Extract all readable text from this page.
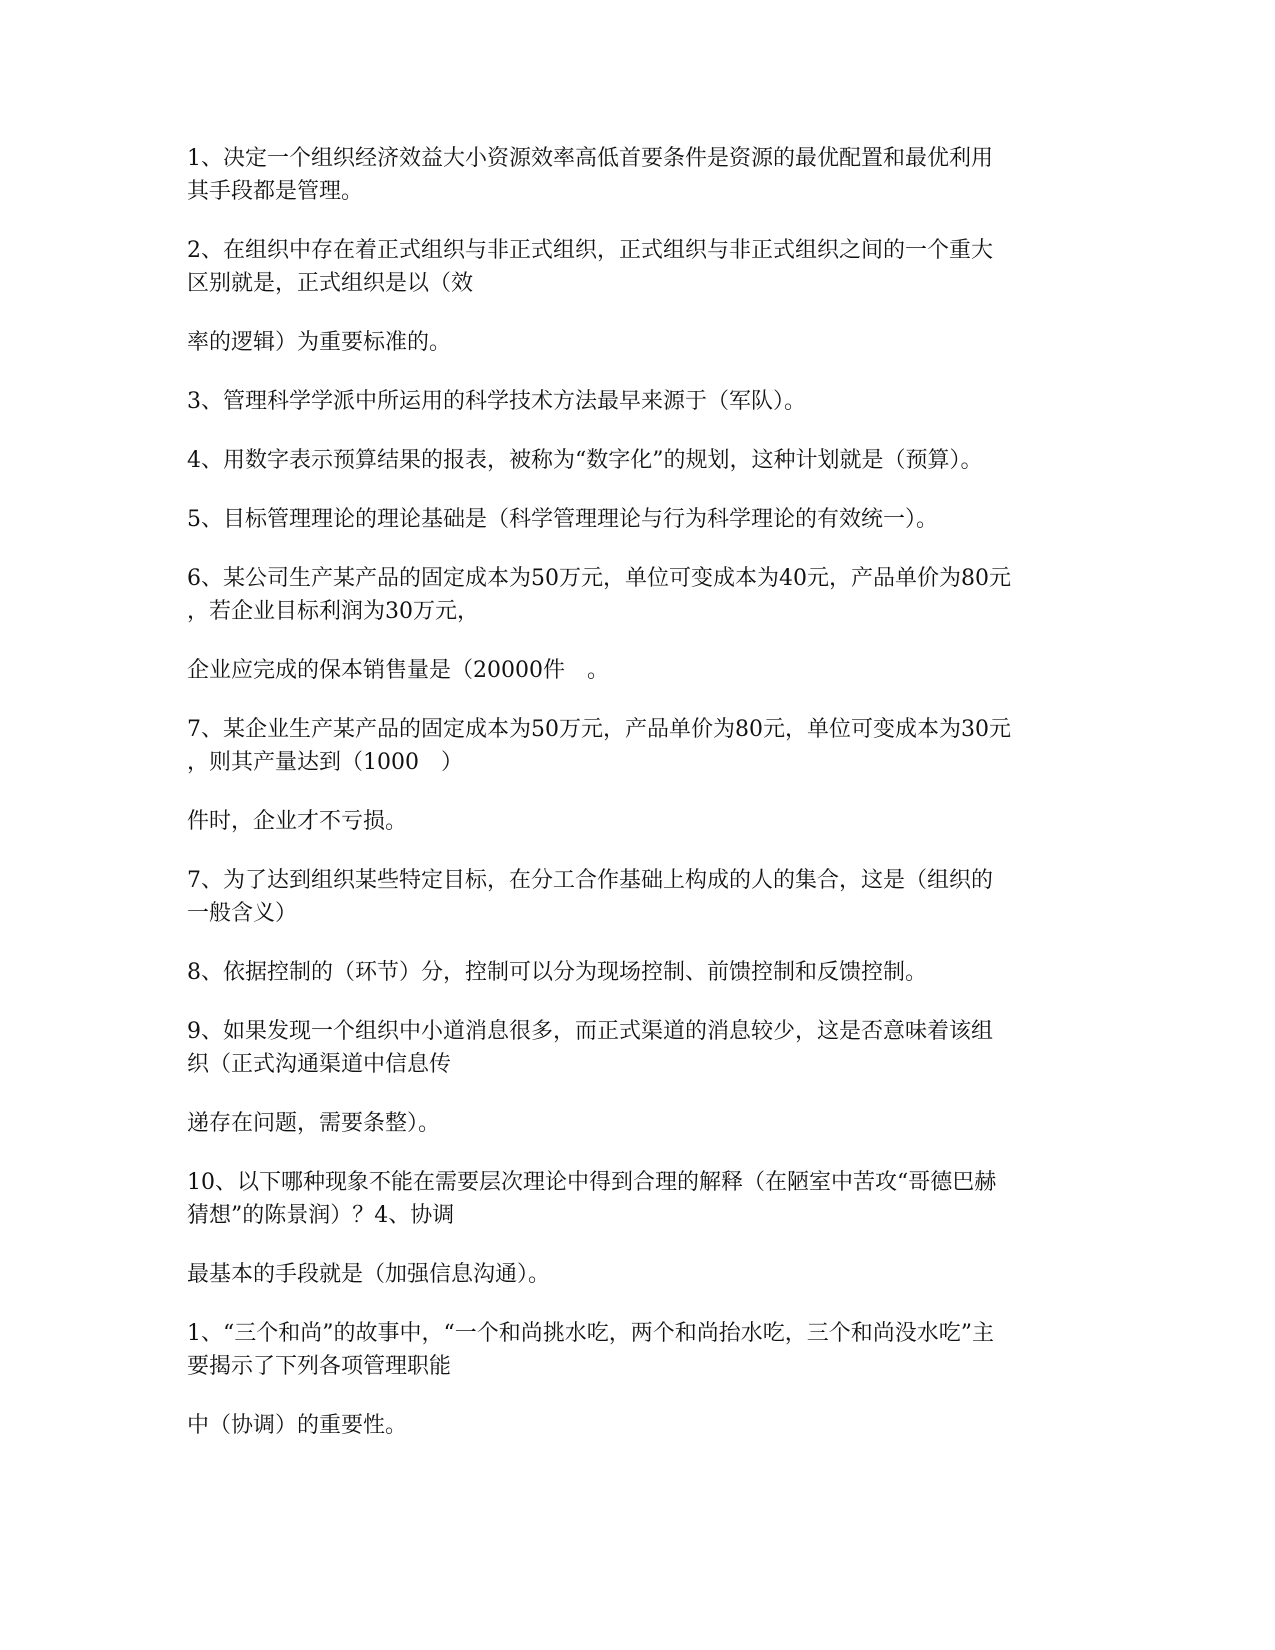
1、决定一个组织经济效益大小资源效率高低首要条件是资源的最优配置和最优利用
其手段都是管理。

2、在组织中存在着正式组织与非正式组织，正式组织与非正式组织之间的一个重大
区别就是，正式组织是以（效

率的逻辑）为重要标准的。

3、管理科学学派中所运用的科学技术方法最早来源于（军队）。

4、用数字表示预算结果的报表，被称为“数字化”的规划，这种计划就是（预算）。

5、目标管理理论的理论基础是（科学管理理论与行为科学理论的有效统一）。

6、某公司生产某产品的固定成本为50万元，单位可变成本为40元，产品单价为80元
，若企业目标利润为30万元，

企业应完成的保本销售量是（20000件　。

7、某企业生产某产品的固定成本为50万元，产品单价为80元，单位可变成本为30元
，则其产量达到（1000　）

件时，企业才不亏损。

7、为了达到组织某些特定目标，在分工合作基础上构成的人的集合，这是（组织的
一般含义）

8、依据控制的（环节）分，控制可以分为现场控制、前馈控制和反馈控制。

9、如果发现一个组织中小道消息很多，而正式渠道的消息较少，这是否意味着该组
织（正式沟通渠道中信息传

递存在问题，需要条整）。

10、以下哪种现象不能在需要层次理论中得到合理的解释（在陋室中苦攻“哥德巴赫
猜想”的陈景润）？4、协调

最基本的手段就是（加强信息沟通）。

1、“三个和尚”的故事中，“一个和尚挑水吃，两个和尚抬水吃，三个和尚没水吃”主
要揭示了下列各项管理职能

中（协调）的重要性。
